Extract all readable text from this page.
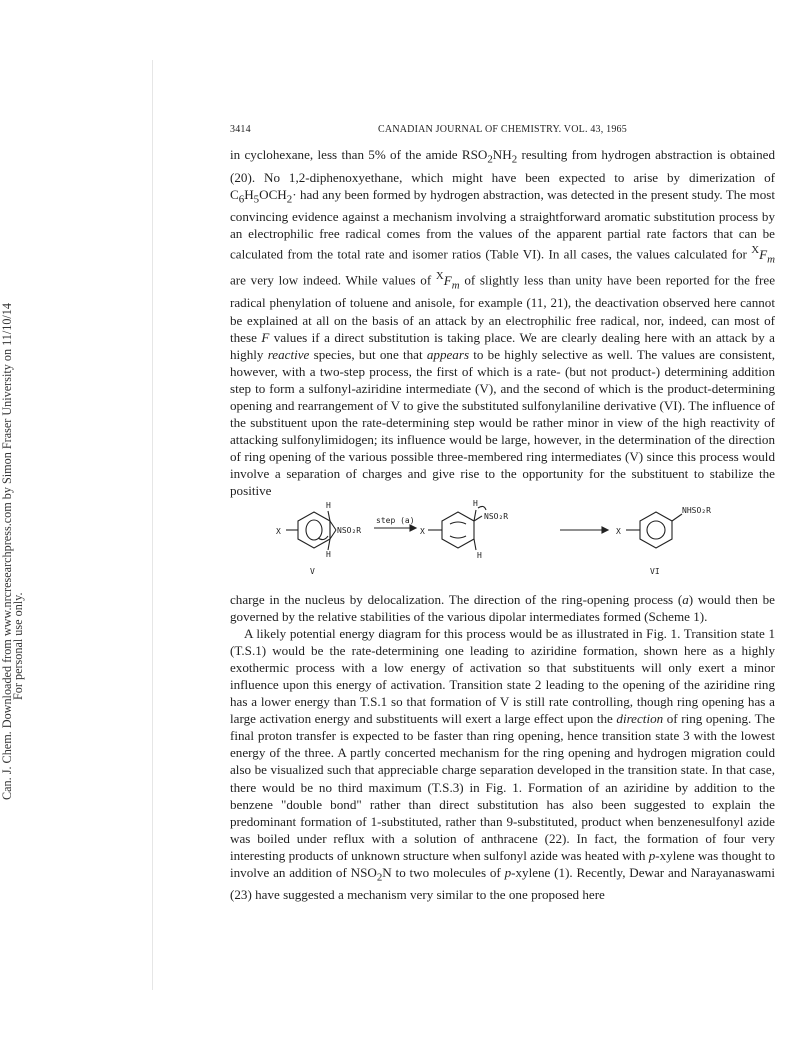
Can. J. Chem. Downloaded from www.nrcresearchpress.com by Simon Fraser University on 11/10/14
For personal use only.
3414	CANADIAN JOURNAL OF CHEMISTRY. VOL. 43, 1965

in cyclohexane, less than 5% of the amide $RSO_2NH_2$ resulting from hydrogen abstraction is obtained (20). No 1,2-diphenoxyethane, which might have been expected to arise by dimerization of $C_6H_5OCH_2\cdot$ had any been formed by hydrogen abstraction, was detected in the present study. The most convincing evidence against a mechanism involving a straightforward aromatic substitution process by an electrophilic free radical comes from the values of the apparent partial rate factors that can be calculated from the total rate and isomer ratios (Table VI). In all cases, the values calculated for $^XF_m$ are very low indeed. While values of $^XF_m$ of slightly less than unity have been reported for the free radical phenylation of toluene and anisole, for example (11, 21), the deactivation observed here cannot be explained at all on the basis of an attack by an electrophilic free radical, nor, indeed, can most of these F values if a direct substitution is taking place. We are clearly dealing here with an attack by a highly reactive species, but one that appears to be highly selective as well. The values are consistent, however, with a two-step process, the first of which is a rate- (but not product-) determining addition step to form a sulfonyl-aziridine intermediate (V), and the second of which is the product-determining opening and rearrangement of V to give the substituted sulfonylaniline derivative (VI). The influence of the substituent upon the rate-determining step would be rather minor in view of the high reactivity of attacking sulfonylimidogen; its influence would be large, however, in the determination of the direction of ring opening of the various possible three-membered ring intermediates (V) since this process would involve a separation of charges and give rise to the opportunity for the substituent to stabilize the positive

X
H
NSO₂R
H
step (a)
X
H
NSO₂R
H
X
NHSO₂R
V	VI

charge in the nucleus by delocalization. The direction of the ring-opening process (a) would then be governed by the relative stabilities of the various dipolar intermediates formed (Scheme 1).

A likely potential energy diagram for this process would be as illustrated in Fig. 1. Transition state 1 (T.S.1) would be the rate-determining one leading to aziridine formation, shown here as a highly exothermic process with a low energy of activation so that substituents will only exert a minor influence upon this energy of activation. Transition state 2 leading to the opening of the aziridine ring has a lower energy than T.S.1 so that formation of V is still rate controlling, though ring opening has a large activation energy and substituents will exert a large effect upon the direction of ring opening. The final proton transfer is expected to be faster than ring opening, hence transition state 3 with the lowest energy of the three. A partly concerted mechanism for the ring opening and hydrogen migration could also be visualized such that appreciable charge separation developed in the transition state. In that case, there would be no third maximum (T.S.3) in Fig. 1. Formation of an aziridine by addition to the benzene "double bond" rather than direct substitution has also been suggested to explain the predominant formation of 1-substituted, rather than 9-substituted, product when benzenesulfonyl azide was boiled under reflux with a solution of anthracene (22). In fact, the formation of four very interesting products of unknown structure when sulfonyl azide was heated with p-xylene was thought to involve an addition of $NSO_2N$ to two molecules of p-xylene (1). Recently, Dewar and Narayanaswami (23) have suggested a mechanism very similar to the one proposed here
